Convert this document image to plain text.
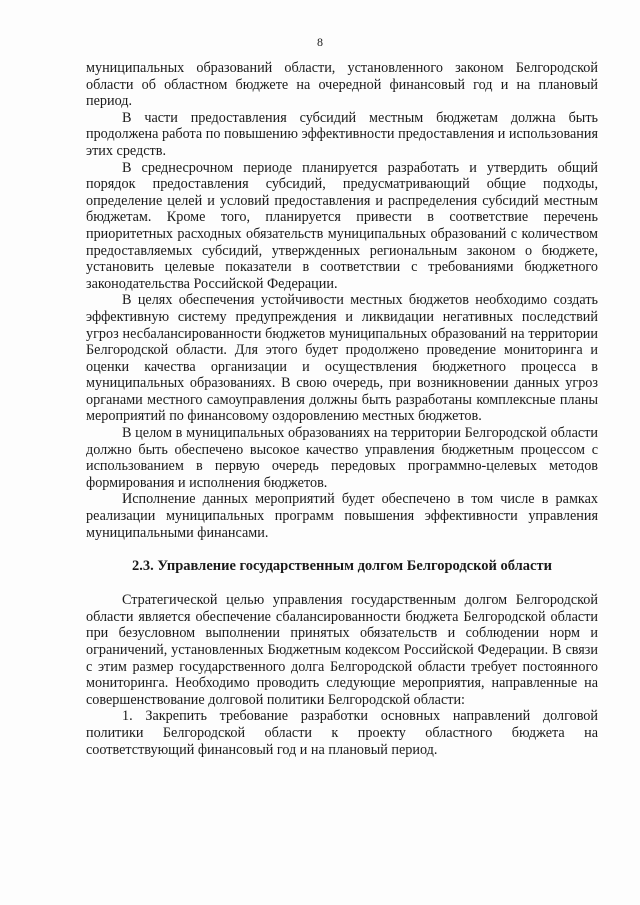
8

муниципальных образований области, установленного законом Белгородской области об областном бюджете на очередной финансовый год и на плановый период.

В части предоставления субсидий местным бюджетам должна быть продолжена работа по повышению эффективности предоставления и использования этих средств.

В среднесрочном периоде планируется разработать и утвердить общий порядок предоставления субсидий, предусматривающий общие подходы, определение целей и условий предоставления и распределения субсидий местным бюджетам. Кроме того, планируется привести в соответствие перечень приоритетных расходных обязательств муниципальных образований с количеством предоставляемых субсидий, утвержденных региональным законом о бюджете, установить целевые показатели в соответствии с требованиями бюджетного законодательства Российской Федерации.

В целях обеспечения устойчивости местных бюджетов необходимо создать эффективную систему предупреждения и ликвидации негативных последствий угроз несбалансированности бюджетов муниципальных образований на территории Белгородской области. Для этого будет продолжено проведение мониторинга и оценки качества организации и осуществления бюджетного процесса в муниципальных образованиях. В свою очередь, при возникновении данных угроз органами местного самоуправления должны быть разработаны комплексные планы мероприятий по финансовому оздоровлению местных бюджетов.

В целом в муниципальных образованиях на территории Белгородской области должно быть обеспечено высокое качество управления бюджетным процессом с использованием в первую очередь передовых программно-целевых методов формирования и исполнения бюджетов.

Исполнение данных мероприятий будет обеспечено в том числе в рамках реализации муниципальных программ повышения эффективности управления муниципальными финансами.

2.3. Управление государственным долгом Белгородской области

Стратегической целью управления государственным долгом Белгородской области является обеспечение сбалансированности бюджета Белгородской области при безусловном выполнении принятых обязательств и соблюдении норм и ограничений, установленных Бюджетным кодексом Российской Федерации. В связи с этим размер государственного долга Белгородской области требует постоянного мониторинга. Необходимо проводить следующие мероприятия, направленные на совершенствование долговой политики Белгородской области:

1. Закрепить требование разработки основных направлений долговой политики Белгородской области к проекту областного бюджета на соответствующий финансовый год и на плановый период.
